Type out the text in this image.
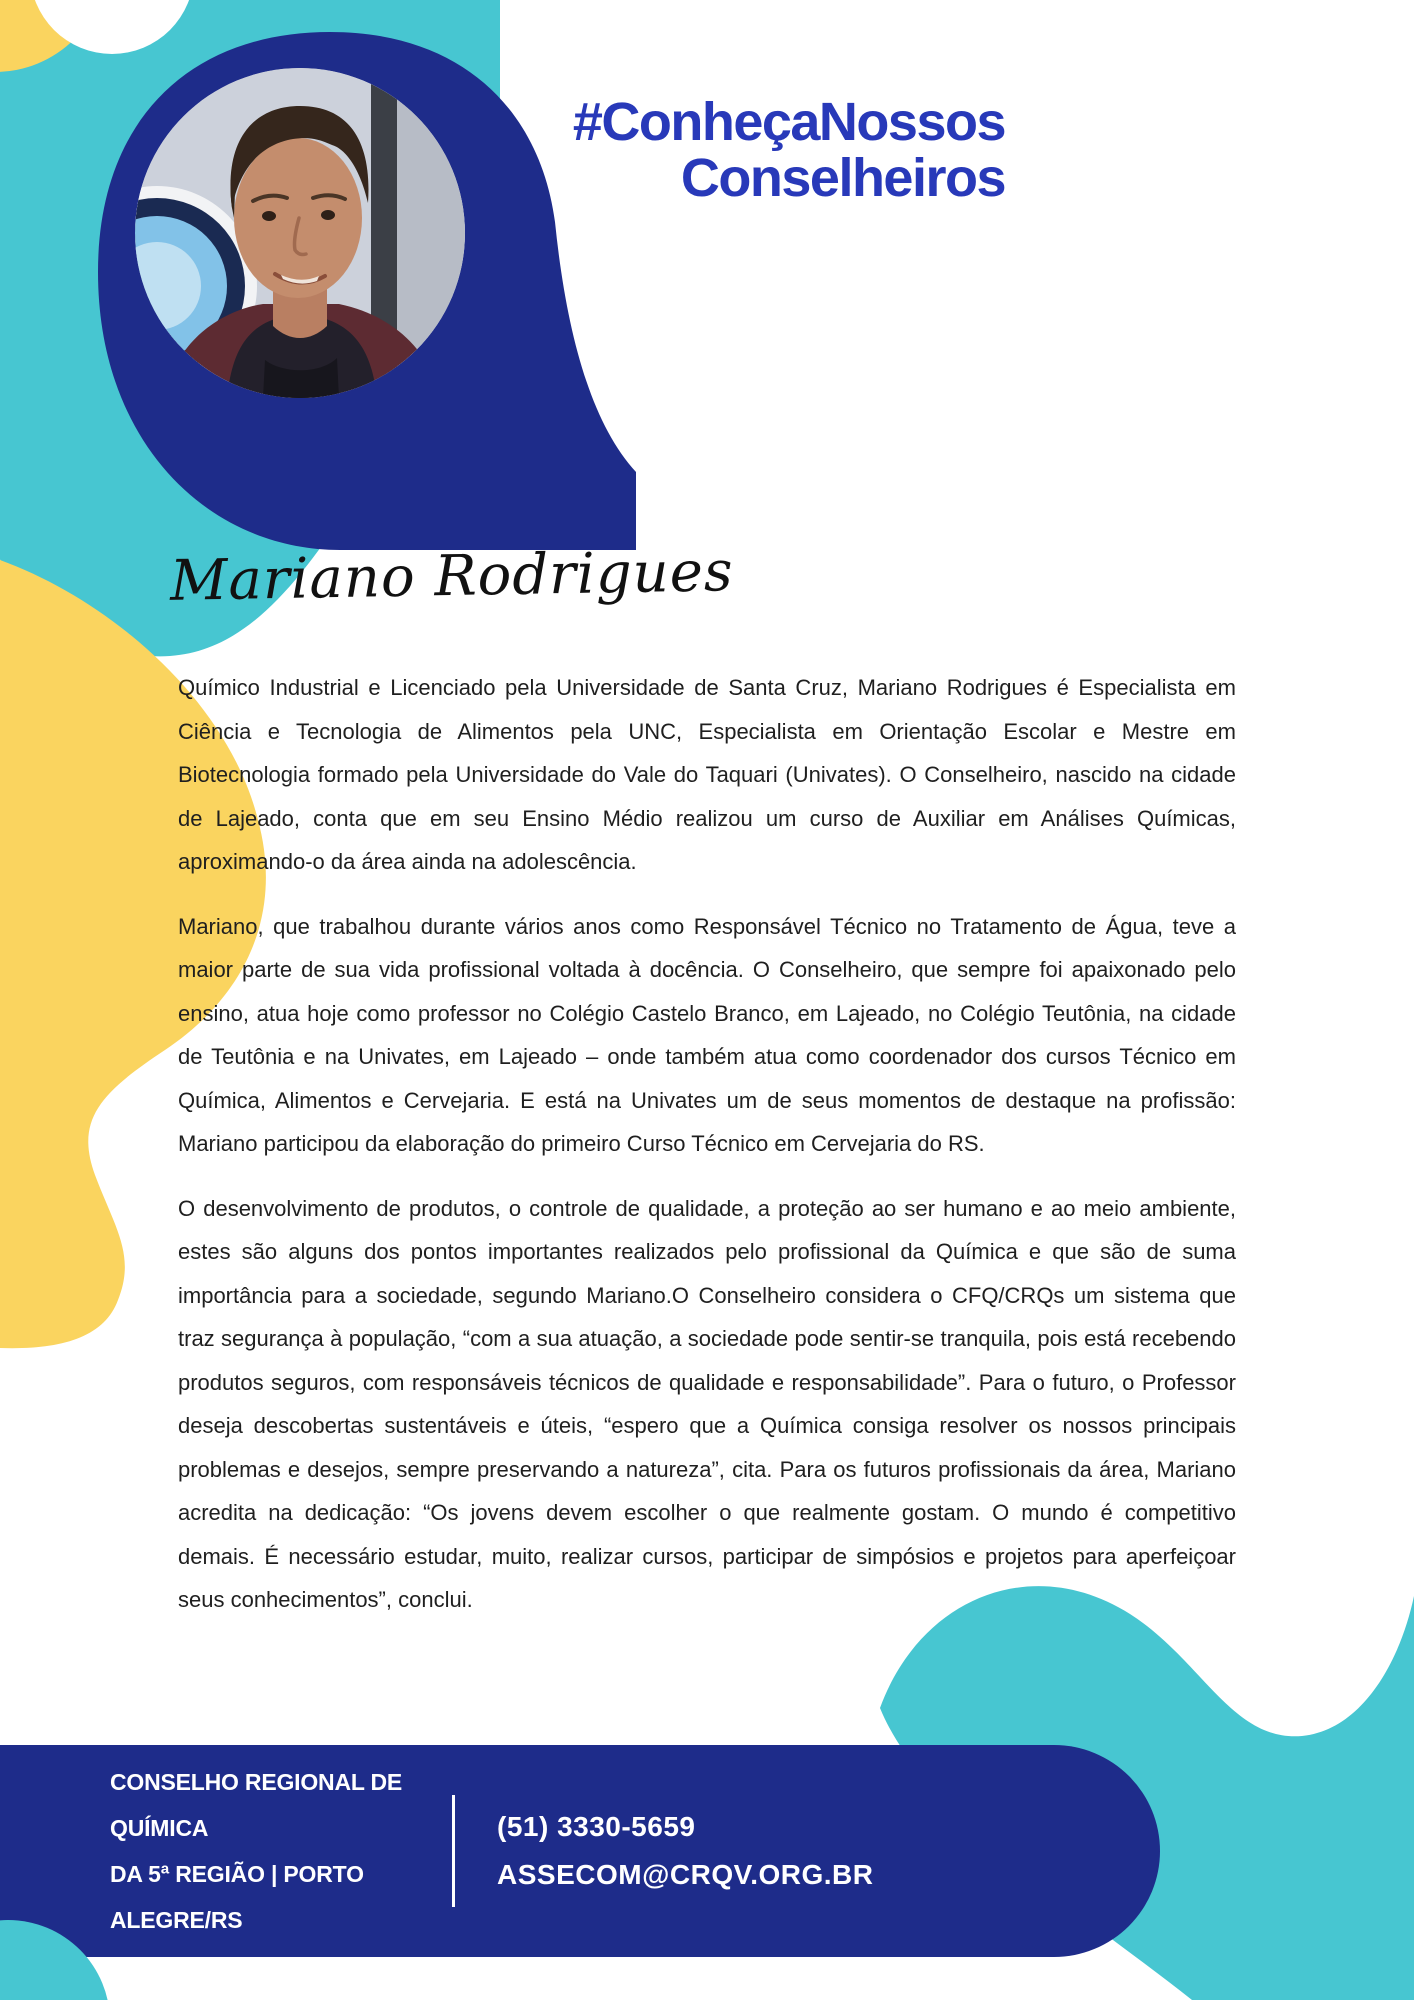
#ConheçaNossos
Conselheiros
Mariano Rodrigues

Químico Industrial e Licenciado pela Universidade de Santa Cruz, Mariano Rodrigues é Especialista em Ciência e Tecnologia de Alimentos pela UNC, Especialista em Orientação Escolar e Mestre em Biotecnologia formado pela Universidade do Vale do Taquari (Univates). O Conselheiro, nascido na cidade de Lajeado, conta que em seu Ensino Médio realizou um curso de Auxiliar em Análises Químicas, aproximando-o da área ainda na adolescência.

Mariano, que trabalhou durante vários anos como Responsável Técnico no Tratamento de Água, teve a maior parte de sua vida profissional voltada à docência. O Conselheiro, que sempre foi apaixonado pelo ensino, atua hoje como professor no Colégio Castelo Branco, em Lajeado, no Colégio Teutônia, na cidade de Teutônia e na Univates, em Lajeado – onde também atua como coordenador dos cursos Técnico em Química, Alimentos e Cervejaria. E está na Univates um de seus momentos de destaque na profissão: Mariano participou da elaboração do primeiro Curso Técnico em Cervejaria do RS.

O desenvolvimento de produtos, o controle de qualidade, a proteção ao ser humano e ao meio ambiente, estes são alguns dos pontos importantes realizados pelo profissional da Química e que são de suma importância para a sociedade, segundo Mariano.O Conselheiro considera o CFQ/CRQs um sistema que traz segurança à população, “com a sua atuação, a sociedade pode sentir-se tranquila, pois está recebendo produtos seguros, com responsáveis técnicos de qualidade e responsabilidade”. Para o futuro, o Professor deseja descobertas sustentáveis e úteis, “espero que a Química consiga resolver os nossos principais problemas e desejos, sempre preservando a natureza”, cita. Para os futuros profissionais da área, Mariano acredita na dedicação: “Os jovens devem escolher o que realmente gostam. O mundo é competitivo demais. É necessário estudar, muito, realizar cursos, participar de simpósios e projetos para aperfeiçoar seus conhecimentos”, conclui.

CONSELHO REGIONAL DE QUÍMICA
DA 5ª REGIÃO | PORTO ALEGRE/RS
(51) 3330-5659
ASSECOM@CRQV.ORG.BR
